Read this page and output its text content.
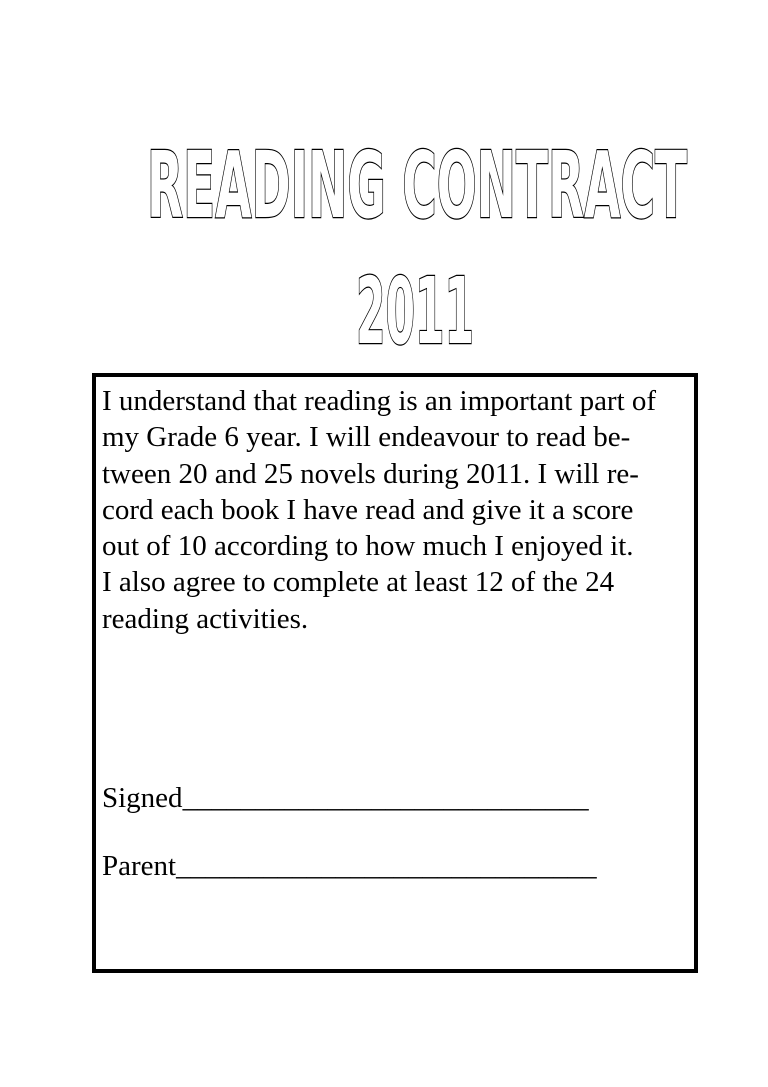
READING CONTRACT
2011

I understand that reading is an important part of
my Grade 6 year. I will endeavour to read be-
tween 20 and 25 novels during 2011. I will re-
cord each book I have read and give it a score
out of 10 according to how much I enjoyed it.
I also agree to complete at least 12 of the 24
reading activities.

Signed____________________________

Parent_____________________________
